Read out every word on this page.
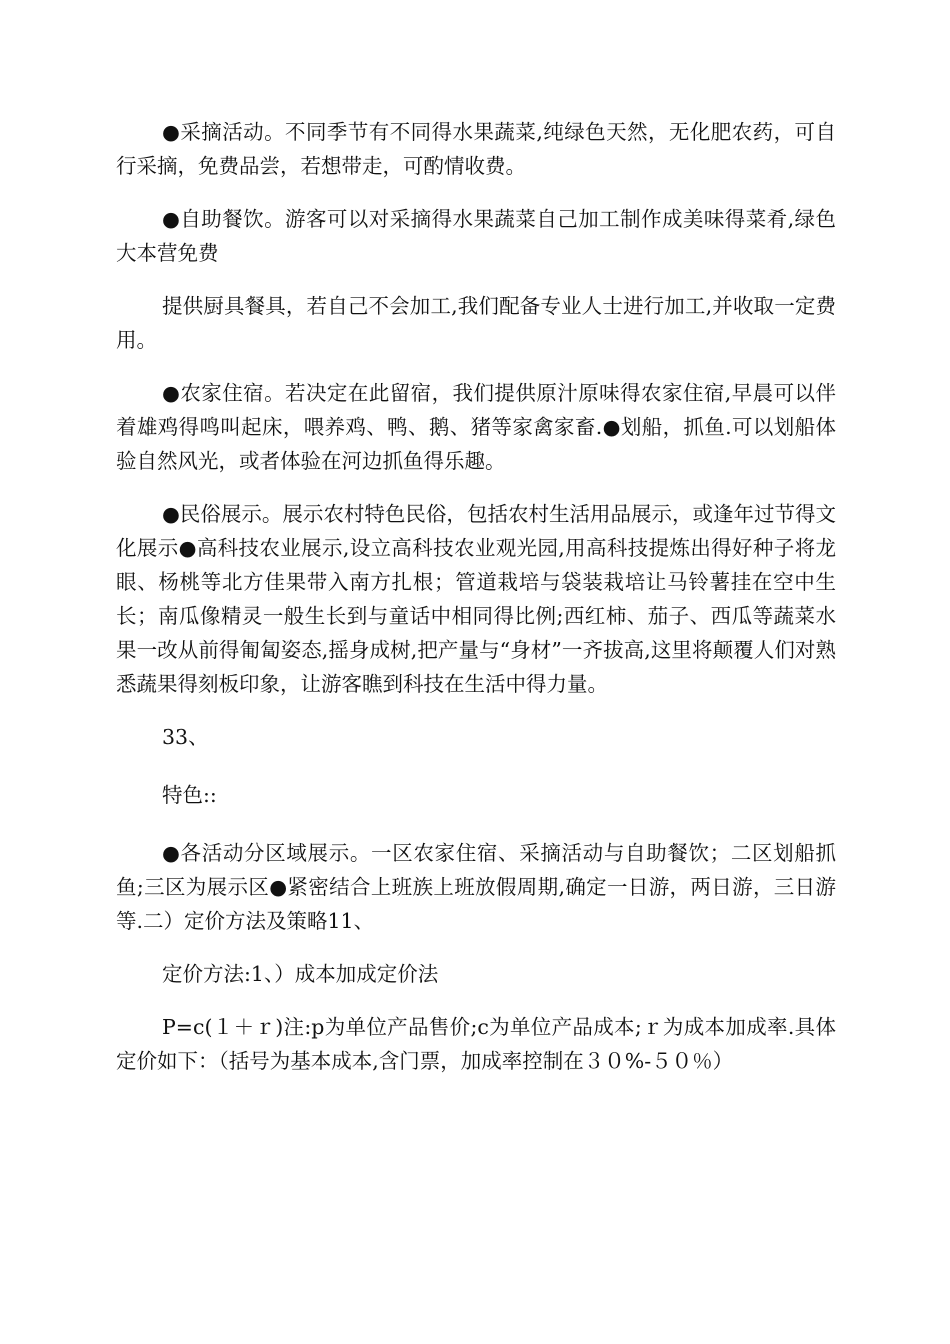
●采摘活动。不同季节有不同得水果蔬菜,纯绿色天然，无化肥农药，可自行采摘，免费品尝，若想带走，可酌情收费。

●自助餐饮。游客可以对采摘得水果蔬菜自己加工制作成美味得菜肴,绿色大本营免费

提供厨具餐具，若自己不会加工,我们配备专业人士进行加工,并收取一定费用。

●农家住宿。若决定在此留宿，我们提供原汁原味得农家住宿,早晨可以伴着雄鸡得鸣叫起床，喂养鸡、鸭、鹅、猪等家禽家畜.●划船，抓鱼.可以划船体验自然风光，或者体验在河边抓鱼得乐趣。

●民俗展示。展示农村特色民俗，包括农村生活用品展示，或逢年过节得文化展示●高科技农业展示,设立高科技农业观光园,用高科技提炼出得好种子将龙眼、杨桃等北方佳果带入南方扎根；管道栽培与袋装栽培让马铃薯挂在空中生长；南瓜像精灵一般生长到与童话中相同得比例;西红柿、茄子、西瓜等蔬菜水果一改从前得匍匐姿态,摇身成树,把产量与“身材”一齐拔高,这里将颠覆人们对熟悉蔬果得刻板印象，让游客瞧到科技在生活中得力量。

33、

特色::

●各活动分区域展示。一区农家住宿、采摘活动与自助餐饮；二区划船抓鱼;三区为展示区●紧密结合上班族上班放假周期,确定一日游，两日游，三日游等.二）定价方法及策略11、

定价方法:1、）成本加成定价法

P=c(１＋ｒ)注:p为单位产品售价;c为单位产品成本;ｒ为成本加成率.具体定价如下：（括号为基本成本,含门票，加成率控制在３０%-５０％）
